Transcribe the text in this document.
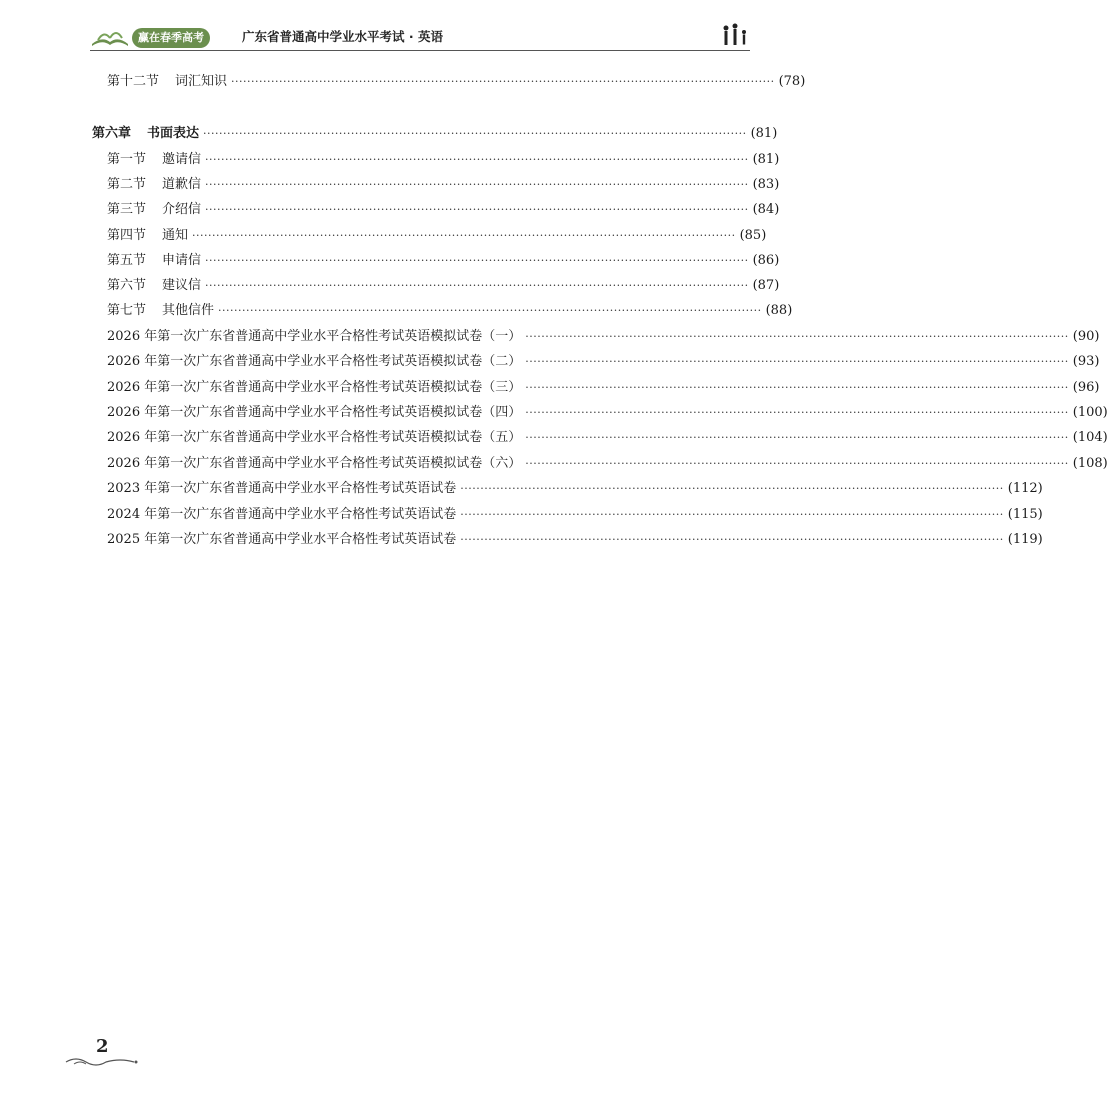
赢在春季高考	广东省普通高中学业水平考试 · 英语
第十二节 词汇知识 ········································································································································ (78)
第六章 书面表达 ········································································································································ (81)
第一节 邀请信 ········································································································································ (81)
第二节 道歉信 ········································································································································ (83)
第三节 介绍信 ········································································································································ (84)
第四节 通知 ········································································································································ (85)
第五节 申请信 ········································································································································ (86)
第六节 建议信 ········································································································································ (87)
第七节 其他信件 ········································································································································ (88)
2026 年第一次广东省普通高中学业水平合格性考试英语模拟试卷（一） ········································································································································ (90)
2026 年第一次广东省普通高中学业水平合格性考试英语模拟试卷（二） ········································································································································ (93)
2026 年第一次广东省普通高中学业水平合格性考试英语模拟试卷（三） ········································································································································ (96)
2026 年第一次广东省普通高中学业水平合格性考试英语模拟试卷（四） ········································································································································ (100)
2026 年第一次广东省普通高中学业水平合格性考试英语模拟试卷（五） ········································································································································ (104)
2026 年第一次广东省普通高中学业水平合格性考试英语模拟试卷（六） ········································································································································ (108)
2023 年第一次广东省普通高中学业水平合格性考试英语试卷 ········································································································································ (112)
2024 年第一次广东省普通高中学业水平合格性考试英语试卷 ········································································································································ (115)
2025 年第一次广东省普通高中学业水平合格性考试英语试卷 ········································································································································ (119)
2
